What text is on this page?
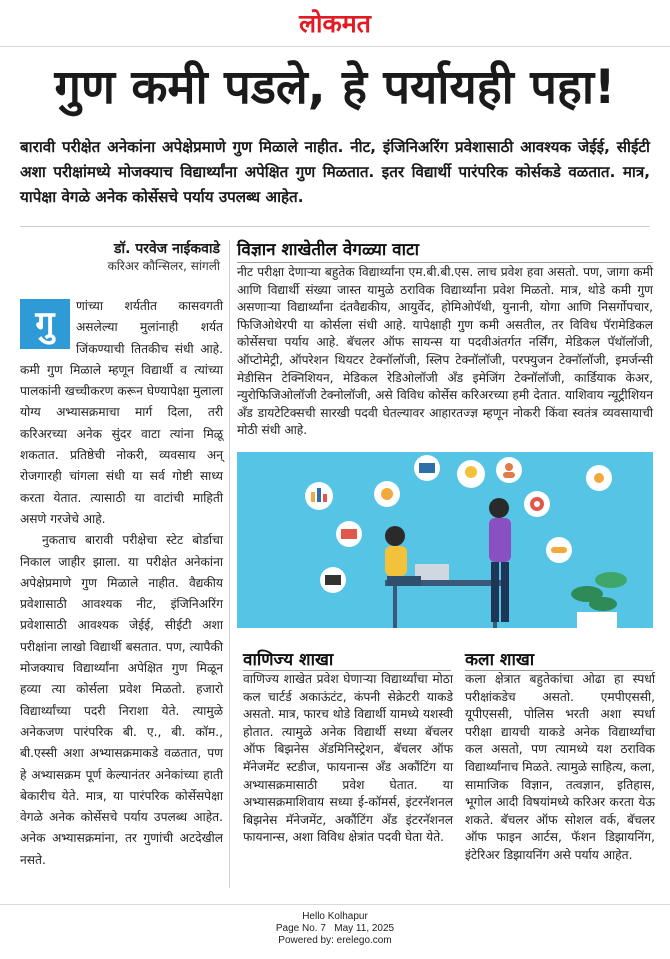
लोकमत
गुण कमी पडले, हे पर्यायही पहा!
बारावी परीक्षेत अनेकांना अपेक्षेप्रमाणे गुण मिळाले नाहीत. नीट, इंजिनिअरिंग प्रवेशासाठी आवश्यक जेईई, सीईटी अशा परीक्षांमध्ये मोजक्याच विद्यार्थ्यांना अपेक्षित गुण मिळतात. इतर विद्यार्थी पारंपरिक कोर्सकडे वळतात. मात्र, यापेक्षा वेगळे अनेक कोर्सेसचे पर्याय उपलब्ध आहेत.
डॉ. परवेज नाईकवाडे
करिअर कौन्सिलर, सांगली
गु	णांच्या शर्यतीत कासवगती असलेल्या मुलांनाही शर्यत जिंकण्याची तितकीच संधी आहे. कमी गुण मिळाले म्हणून विद्यार्थी व त्यांच्या पालकांनी खच्चीकरण करून घेण्यापेक्षा मुलाला योग्य अभ्यासक्रमाचा मार्ग दिला, तरी करिअरच्या अनेक सुंदर वाटा त्यांना मिळू शकतात. प्रतिष्ठेची नोकरी, व्यवसाय अन् रोजगारही चांगला संधी या सर्व गोष्टी साध्य करता येतात. त्यासाठी या वाटांची माहिती असणे गरजेचे आहे.

नुकताच बारावी परीक्षेचा स्टेट बोर्डाचा निकाल जाहीर झाला. या परीक्षेत अनेकांना अपेक्षेप्रमाणे गुण मिळाले नाहीत. वैद्यकीय प्रवेशासाठी आवश्यक नीट, इंजिनिअरिंग प्रवेशासाठी आवश्यक जेईई, सीईटी अशा परीक्षांना लाखो विद्यार्थी बसतात. पण, त्यापैकी मोजक्याच विद्यार्थ्यांना अपेक्षित गुण मिळून हव्या त्या कोर्सला प्रवेश मिळतो. हजारो विद्यार्थ्यांच्या पदरी निराशा येते. त्यामुळे अनेकजण पारंपरिक बी. ए., बी. कॉम., बी.एस्सी अशा अभ्यासक्रमाकडे वळतात, पण हे अभ्यासक्रम पूर्ण केल्यानंतर अनेकांच्या हाती बेकारीच येते. मात्र, या पारंपरिक कोर्सेसपेक्षा वेगळे अनेक कोर्सेसचे पर्याय उपलब्ध आहेत. अनेक अभ्यासक्रमांना, तर गुणांची अटदेखील नसते.

विज्ञान शाखेतील वेगळ्या वाटा
नीट परीक्षा देणाऱ्या बहुतेक विद्यार्थ्यांना एम.बी.बी.एस. लाच प्रवेश हवा असतो. पण, जागा कमी आणि विद्यार्थी संख्या जास्त यामुळे ठराविक विद्यार्थ्यांना प्रवेश मिळतो. मात्र, थोडे कमी गुण असणाऱ्या विद्यार्थ्यांना दंतवैद्यकीय, आयुर्वेद, होमिओपॅथी, युनानी, योगा आणि निसर्गोपचार, फिजिओथेरपी या कोर्सला संधी आहे. यापेक्षाही गुण कमी असतील, तर विविध पॅरामेडिकल कोर्सेसचा पर्याय आहे. बॅचलर ऑफ सायन्स या पदवीअंतर्गत नर्सिंग, मेडिकल पॅथॉलॉजी, ऑप्टोमेट्री, ऑपरेशन थियटर टेक्नॉलॉजी, स्लिप टेक्नॉलॉजी, परफ्युजन टेक्नॉलॉजी, इमर्जन्सी मेडीसिन टेक्निशियन, मेडिकल रेडिओलॉजी अँड इमेजिंग टेक्नॉलॉजी, कार्डियाक केअर, न्युरोफिजिओलॉजी टेक्नोलॉजी, असे विविध कोर्सेस करिअरच्या हमी देतात. याशिवाय न्यूट्रीशियन अँड डायटेटिक्सची सारखी पदवी घेतल्यावर आहारतज्ज्ञ म्हणून नोकरी किंवा स्वतंत्र व्यवसायाची मोठी संधी आहे.
वाणिज्य शाखा
वाणिज्य शाखेत प्रवेश घेणाऱ्या विद्यार्थ्यांचा मोठा कल चार्टर्ड अकाऊंटंट, कंपनी सेक्रेटरी याकडे असतो. मात्र, फारच थोडे विद्यार्थी यामध्ये यशस्वी होतात. त्यामुळे अनेक विद्यार्थी सध्या बॅचलर ऑफ बिझनेस ॲडमिनिस्ट्रेशन, बॅचलर ऑफ मॅनेजमेंट स्टडीज, फायनान्स अँड अकौंटिंग या अभ्यासक्रमासाठी प्रवेश घेतात. या अभ्यासक्रमाशिवाय सध्या ई-कॉमर्स, इंटरनॅशनल बिझनेस मॅनेजमेंट, अकौंटिंग अँड इंटरनॅशनल फायनान्स, अशा विविध क्षेत्रांत पदवी घेता येते.
कला शाखा
कला क्षेत्रात बहुतेकांचा ओढा हा स्पर्धा परीक्षांकडेच असतो. एमपीएससी, यूपीएससी, पोलिस भरती अशा स्पर्धा परीक्षा द्यायची याकडे अनेक विद्यार्थ्यांचा कल असतो, पण त्यामध्ये यश ठराविक विद्यार्थ्यांनाच मिळते. त्यामुळे साहित्य, कला, सामाजिक विज्ञान, तत्वज्ञान, इतिहास, भूगोल आदी विषयांमध्ये करिअर करता येऊ शकते. बॅचलर ऑफ सोशल वर्क, बॅचलर ऑफ फाइन आर्टस, फॅशन डिझायनिंग, इंटेरिअर डिझायनिंग असे पर्याय आहेत.
Hello Kolhapur
Page No. 7 May 11, 2025
Powered by: erelego.com
